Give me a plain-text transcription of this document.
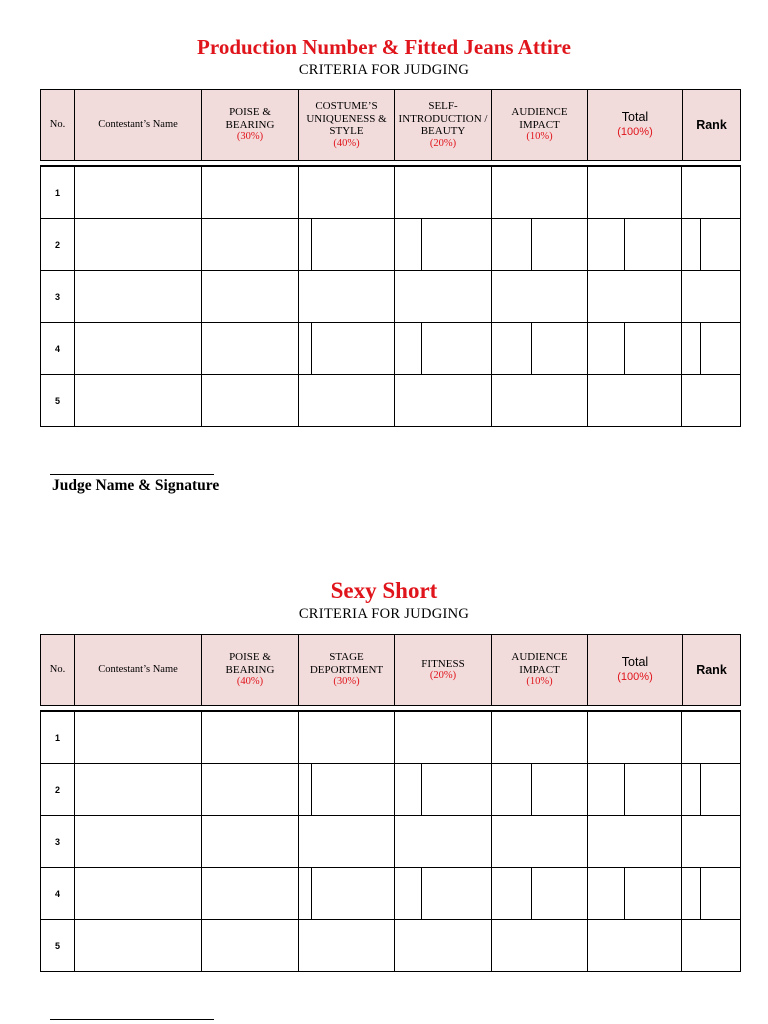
Production Number & Fitted Jeans Attire
CRITERIA FOR JUDGING
No.	Contestant’s Name
POISE & BEARING
(30%)
COSTUME’S UNIQUENESS & STYLE
(40%)
SELF-INTRODUCTION / BEAUTY
(20%)
AUDIENCE IMPACT
(10%)
Total
(100%)
Rank
1
2
3
4
5
Judge Name & Signature
Sexy Short
CRITERIA FOR JUDGING
No.	Contestant’s Name
POISE & BEARING
(40%)
STAGE DEPORTMENT
(30%)
FITNESS
(20%)
AUDIENCE IMPACT
(10%)
Total
(100%)
Rank
1
2
3
4
5
